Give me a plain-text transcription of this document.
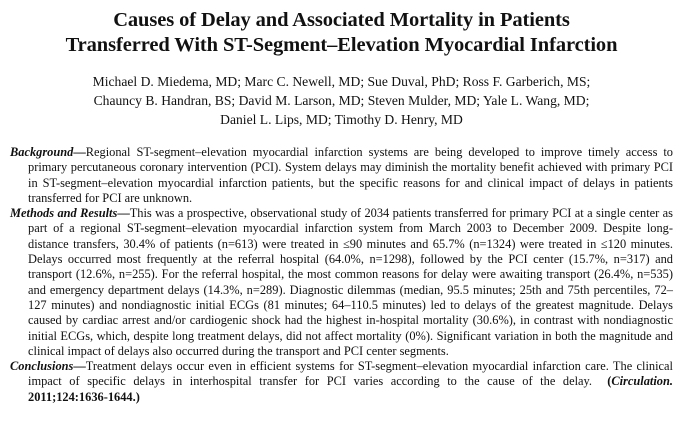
Causes of Delay and Associated Mortality in Patients
Transferred With ST-Segment–Elevation Myocardial Infarction
Michael D. Miedema, MD; Marc C. Newell, MD; Sue Duval, PhD; Ross F. Garberich, MS;
Chauncy B. Handran, BS; David M. Larson, MD; Steven Mulder, MD; Yale L. Wang, MD;
Daniel L. Lips, MD; Timothy D. Henry, MD

Background—Regional ST-segment–elevation myocardial infarction systems are being developed to improve timely access to primary percutaneous coronary intervention (PCI). System delays may diminish the mortality benefit achieved with primary PCI in ST-segment–elevation myocardial infarction patients, but the specific reasons for and clinical impact of delays in patients transferred for PCI are unknown.

Methods and Results—This was a prospective, observational study of 2034 patients transferred for primary PCI at a single center as part of a regional ST-segment–elevation myocardial infarction system from March 2003 to December 2009. Despite long-distance transfers, 30.4% of patients (n=613) were treated in ≤90 minutes and 65.7% (n=1324) were treated in ≤120 minutes. Delays occurred most frequently at the referral hospital (64.0%, n=1298), followed by the PCI center (15.7%, n=317) and transport (12.6%, n=255). For the referral hospital, the most common reasons for delay were awaiting transport (26.4%, n=535) and emergency department delays (14.3%, n=289). Diagnostic dilemmas (median, 95.5 minutes; 25th and 75th percentiles, 72–127 minutes) and nondiagnostic initial ECGs (81 minutes; 64–110.5 minutes) led to delays of the greatest magnitude. Delays caused by cardiac arrest and/or cardiogenic shock had the highest in-hospital mortality (30.6%), in contrast with nondiagnostic initial ECGs, which, despite long treatment delays, did not affect mortality (0%). Significant variation in both the magnitude and clinical impact of delays also occurred during the transport and PCI center segments.

Conclusions—Treatment delays occur even in efficient systems for ST-segment–elevation myocardial infarction care. The clinical impact of specific delays in interhospital transfer for PCI varies according to the cause of the delay. (Circulation. 2011;124:1636-1644.)
